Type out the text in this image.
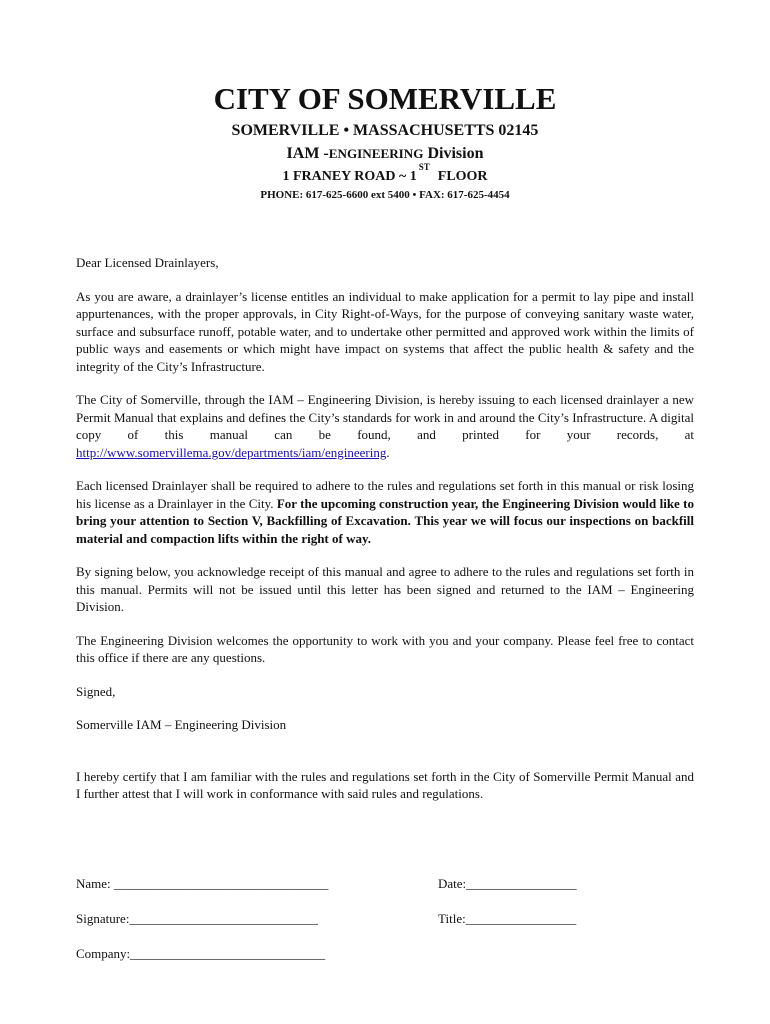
CITY OF SOMERVILLE
SOMERVILLE • MASSACHUSETTS 02145
IAM -ENGINEERING Division
1 FRANEY ROAD ~ 1STFLOOR
PHONE: 617-625-6600 ext 5400 • FAX: 617-625-4454

Dear Licensed Drainlayers,

As you are aware, a drainlayer’s license entitles an individual to make application for a permit to lay pipe and install appurtenances, with the proper approvals, in City Right-of-Ways, for the purpose of conveying sanitary waste water, surface and subsurface runoff, potable water, and to undertake other permitted and approved work within the limits of public ways and easements or which might have impact on systems that affect the public health & safety and the integrity of the City’s Infrastructure.

The City of Somerville, through the IAM – Engineering Division, is hereby issuing to each licensed drainlayer a new Permit Manual that explains and defines the City’s standards for work in and around the City’s Infrastructure. A digital copy of this manual can be found, and printed for your records, at http://www.somervillema.gov/departments/iam/engineering.

Each licensed Drainlayer shall be required to adhere to the rules and regulations set forth in this manual or risk losing his license as a Drainlayer in the City. For the upcoming construction year, the Engineering Division would like to bring your attention to Section V, Backfilling of Excavation. This year we will focus our inspections on backfill material and compaction lifts within the right of way.

By signing below, you acknowledge receipt of this manual and agree to adhere to the rules and regulations set forth in this manual. Permits will not be issued until this letter has been signed and returned to the IAM – Engineering Division.

The Engineering Division welcomes the opportunity to work with you and your company. Please feel free to contact this office if there are any questions.

Signed,

Somerville IAM – Engineering Division

I hereby certify that I am familiar with the rules and regulations set forth in the City of Somerville Permit Manual and I further attest that I will work in conformance with said rules and regulations.

Name: _________________________________	Date:_________________
Signature:_____________________________	Title:_________________
Company:______________________________
